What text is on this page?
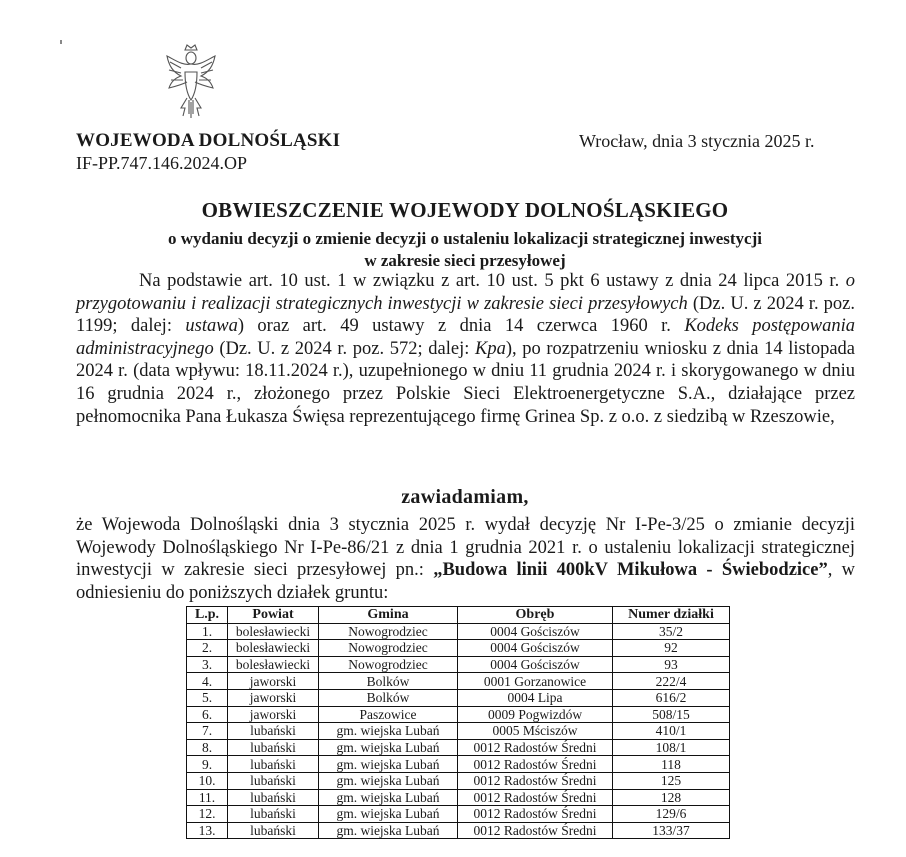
WOJEWODA DOLNOŚLĄSKI
IF-PP.747.146.2024.OP
Wrocław, dnia 3 stycznia 2025 r.
OBWIESZCZENIE WOJEWODY DOLNOŚLĄSKIEGO
o wydaniu decyzji o zmienie decyzji o ustaleniu lokalizacji strategicznej inwestycji
w zakresie sieci przesyłowej

Na podstawie art. 10 ust. 1 w związku z art. 10 ust. 5 pkt 6 ustawy z dnia 24 lipca 2015 r. o przygotowaniu i realizacji strategicznych inwestycji w zakresie sieci przesyłowych (Dz. U. z 2024 r. poz. 1199; dalej: ustawa) oraz art. 49 ustawy z dnia 14 czerwca 1960 r. Kodeks postępowania administracyjnego (Dz. U. z 2024 r. poz. 572; dalej: Kpa), po rozpatrzeniu wniosku z dnia 14 listopada 2024 r. (data wpływu: 18.11.2024 r.), uzupełnionego w dniu 11 grudnia 2024 r. i skorygowanego w dniu 16 grudnia 2024 r., złożonego przez Polskie Sieci Elektroenergetyczne S.A., działające przez pełnomocnika Pana Łukasza Święsa reprezentującego firmę Grinea Sp. z o.o. z siedzibą w Rzeszowie,

zawiadamiam,

że Wojewoda Dolnośląski dnia 3 stycznia 2025 r. wydał decyzję Nr I-Pe-3/25 o zmianie decyzji Wojewody Dolnośląskiego Nr I-Pe-86/21 z dnia 1 grudnia 2021 r. o ustaleniu lokalizacji strategicznej inwestycji w zakresie sieci przesyłowej pn.: „Budowa linii 400kV Mikułowa - Świebodzice”, w odniesieniu do poniższych działek gruntu:

L.p.	Powiat	Gmina	Obręb	Numer działki
1.	bolesławiecki	Nowogrodziec	0004 Gościszów	35/2
2.	bolesławiecki	Nowogrodziec	0004 Gościszów	92
3.	bolesławiecki	Nowogrodziec	0004 Gościszów	93
4.	jaworski	Bolków	0001 Gorzanowice	222/4
5.	jaworski	Bolków	0004 Lipa	616/2
6.	jaworski	Paszowice	0009 Pogwizdów	508/15
7.	lubański	gm. wiejska Lubań	0005 Mściszów	410/1
8.	lubański	gm. wiejska Lubań	0012 Radostów Średni	108/1
9.	lubański	gm. wiejska Lubań	0012 Radostów Średni	118
10.	lubański	gm. wiejska Lubań	0012 Radostów Średni	125
11.	lubański	gm. wiejska Lubań	0012 Radostów Średni	128
12.	lubański	gm. wiejska Lubań	0012 Radostów Średni	129/6
13.	lubański	gm. wiejska Lubań	0012 Radostów Średni	133/37
